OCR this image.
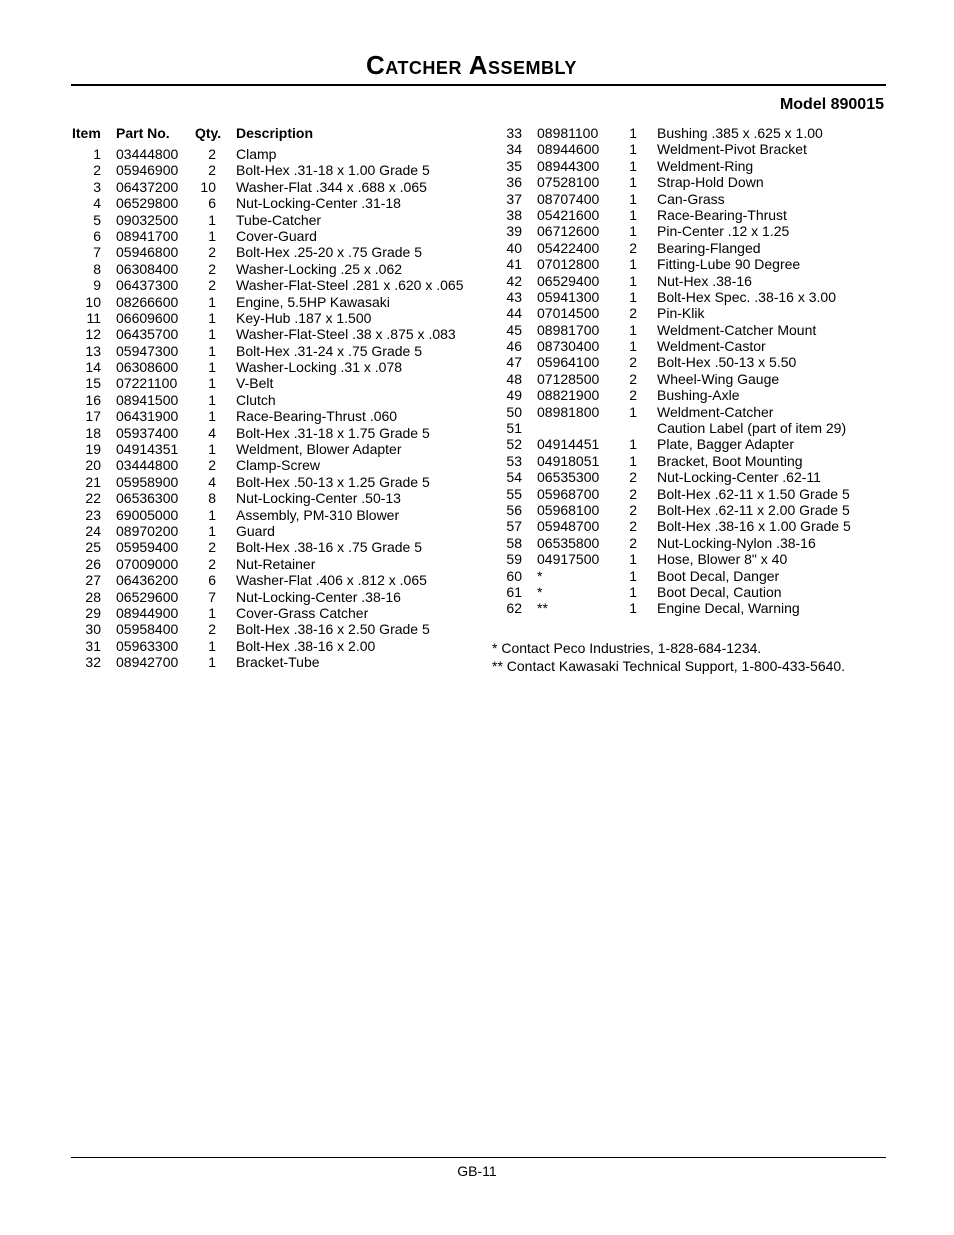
Catcher Assembly
Model 890015
Item Part No. Qty. Description
1 03444800	2 Clamp
2 05946900	2 Bolt-Hex .31-18 x 1.00 Grade 5
3 06437200	10 Washer-Flat .344 x .688 x .065
4 06529800	6 Nut-Locking-Center .31-18
5 09032500	1 Tube-Catcher
6 08941700	1 Cover-Guard
7 05946800	2 Bolt-Hex .25-20 x .75 Grade 5
8 06308400	2 Washer-Locking .25 x .062
9 06437300	2 Washer-Flat-Steel .281 x .620 x .065
10 08266600	1 Engine, 5.5HP Kawasaki
11 06609600	1 Key-Hub .187 x 1.500
12 06435700	1 Washer-Flat-Steel .38 x .875 x .083
13 05947300	1 Bolt-Hex .31-24 x .75 Grade 5
14 06308600	1 Washer-Locking .31 x .078
15 07221100	1 V-Belt
16 08941500	1 Clutch
17 06431900	1 Race-Bearing-Thrust .060
18 05937400	4 Bolt-Hex .31-18 x 1.75 Grade 5
19 04914351	1 Weldment, Blower Adapter
20 03444800	2 Clamp-Screw
21 05958900	4 Bolt-Hex .50-13 x 1.25 Grade 5
22 06536300	8 Nut-Locking-Center .50-13
23 69005000	1 Assembly, PM-310 Blower
24 08970200	1 Guard
25 05959400	2 Bolt-Hex .38-16 x .75 Grade 5
26 07009000	2 Nut-Retainer
27 06436200	6 Washer-Flat .406 x .812 x .065
28 06529600	7 Nut-Locking-Center .38-16
29 08944900	1 Cover-Grass Catcher
30 05958400	2 Bolt-Hex .38-16 x 2.50 Grade 5
31 05963300	1 Bolt-Hex .38-16 x 2.00
32 08942700	1 Bracket-Tube
33 08981100	1 Bushing .385 x .625 x 1.00
34 08944600	1 Weldment-Pivot Bracket
35 08944300	1 Weldment-Ring
36 07528100	1 Strap-Hold Down
37 08707400	1 Can-Grass
38 05421600	1 Race-Bearing-Thrust
39 06712600	1 Pin-Center .12 x 1.25
40 05422400	2 Bearing-Flanged
41 07012800	1 Fitting-Lube 90 Degree
42 06529400	1 Nut-Hex .38-16
43 05941300	1 Bolt-Hex Spec. .38-16 x 3.00
44 07014500	2 Pin-Klik
45 08981700	1 Weldment-Catcher Mount
46 08730400	1 Weldment-Castor
47 05964100	2 Bolt-Hex .50-13 x 5.50
48 07128500	2 Wheel-Wing Gauge
49 08821900	2 Bushing-Axle
50 08981800	1 Weldment-Catcher
51	Caution Label (part of item 29)
52 04914451	1 Plate, Bagger Adapter
53 04918051	1 Bracket, Boot Mounting
54 06535300	2 Nut-Locking-Center .62-11
55 05968700	2 Bolt-Hex .62-11 x 1.50 Grade 5
56 05968100	2 Bolt-Hex .62-11 x 2.00 Grade 5
57 05948700	2 Bolt-Hex .38-16 x 1.00 Grade 5
58 06535800	2 Nut-Locking-Nylon .38-16
59 04917500	1 Hose, Blower 8" x 40
60 *	1 Boot Decal, Danger
61 *	1 Boot Decal, Caution
62 **	1 Engine Decal, Warning
* Contact Peco Industries, 1-828-684-1234.
** Contact Kawasaki Technical Support, 1-800-433-5640.
GB-11
